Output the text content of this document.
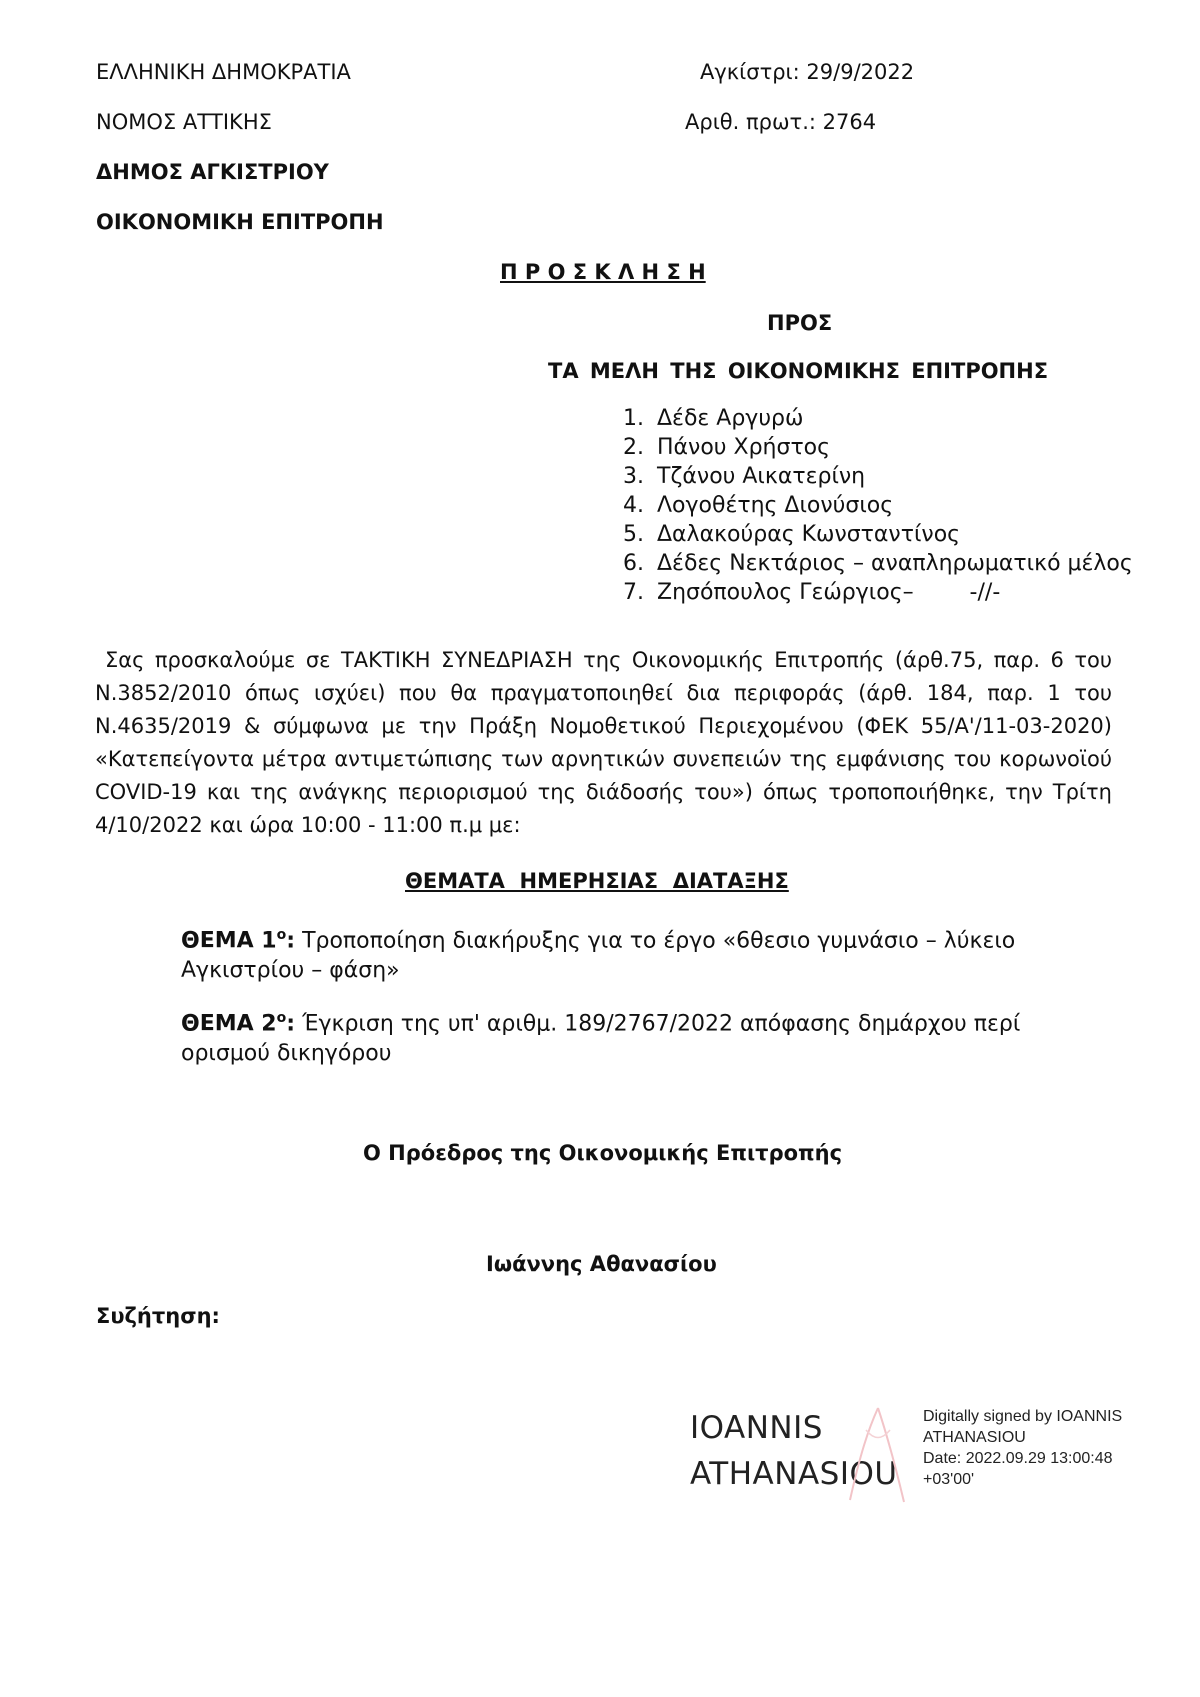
ΕΛΛΗΝΙΚΗ ΔΗΜΟΚΡΑΤΙΑ
ΝΟΜΟΣ ΑΤΤΙΚΗΣ
ΔΗΜΟΣ ΑΓΚΙΣΤΡΙΟΥ
ΟΙΚΟΝΟΜΙΚΗ ΕΠΙΤΡΟΠΗ
Αγκίστρι: 29/9/2022
Αριθ. πρωτ.: 2764
Π Ρ Ο Σ Κ Λ Η Σ Η
ΠΡΟΣ
ΤΑ ΜΕΛΗ ΤΗΣ ΟΙΚΟΝΟΜΙΚΗΣ ΕΠΙΤΡΟΠΗΣ
1. Δέδε Αργυρώ
2. Πάνου Χρήστος
3. Τζάνου Αικατερίνη
4. Λογοθέτης Διονύσιος
5. Δαλακούρας Κωνσταντίνος
6. Δέδες Νεκτάριος – αναπληρωματικό μέλος
7. Ζησόπουλος Γεώργιος–        -//-

Σας προσκαλούμε σε ΤΑΚΤΙΚΗ ΣΥΝΕΔΡΙΑΣΗ της Οικονομικής Επιτροπής (άρθ.75, παρ. 6 του Ν.3852/2010 όπως ισχύει) που θα πραγματοποιηθεί δια περιφοράς (άρθ. 184, παρ. 1 του Ν.4635/2019 & σύμφωνα με την Πράξη Νομοθετικού Περιεχομένου (ΦΕΚ 55/Α'/11-03-2020) «Κατεπείγοντα μέτρα αντιμετώπισης των αρνητικών συνεπειών της εμφάνισης του κορωνοϊού COVID-19 και της ανάγκης περιορισμού της διάδοσής του») όπως τροποποιήθηκε, την Τρίτη 4/10/2022 και ώρα 10:00 - 11:00 π.μ με:

ΘΕΜΑΤΑ  ΗΜΕΡΗΣΙΑΣ  ΔΙΑΤΑΞΗΣ
ΘΕΜΑ $1^o$: Τροποποίηση διακήρυξης για το έργο «6θεσιο γυμνάσιο – λύκειο Αγκιστρίου – φάση»
ΘΕΜΑ $2^o$: Έγκριση της υπ' αριθμ. 189/2767/2022 απόφασης δημάρχου περί ορισμού δικηγόρου
Ο Πρόεδρος της Οικονομικής Επιτροπής
Ιωάννης Αθανασίου
Συζήτηση:
IOANNIS
ATHANASIOU
Digitally signed by IOANNIS
ATHANASIOU
Date: 2022.09.29 13:00:48
+03'00'
